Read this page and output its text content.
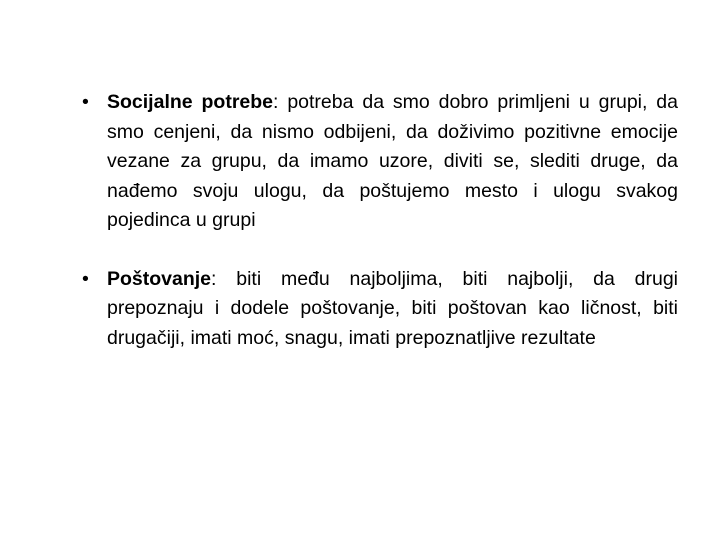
• Socijalne potrebe: potreba da smo dobro primljeni u grupi, da smo cenjeni, da nismo odbijeni, da doživimo pozitivne emocije vezane za grupu, da imamo uzore, diviti se, slediti druge, da nađemo svoju ulogu, da poštujemo mesto i ulogu svakog pojedinca u grupi
• Poštovanje: biti među najboljima, biti najbolji, da drugi prepoznaju i dodele poštovanje, biti poštovan kao ličnost, biti drugačiji, imati moć, snagu, imati prepoznatljive rezultate
